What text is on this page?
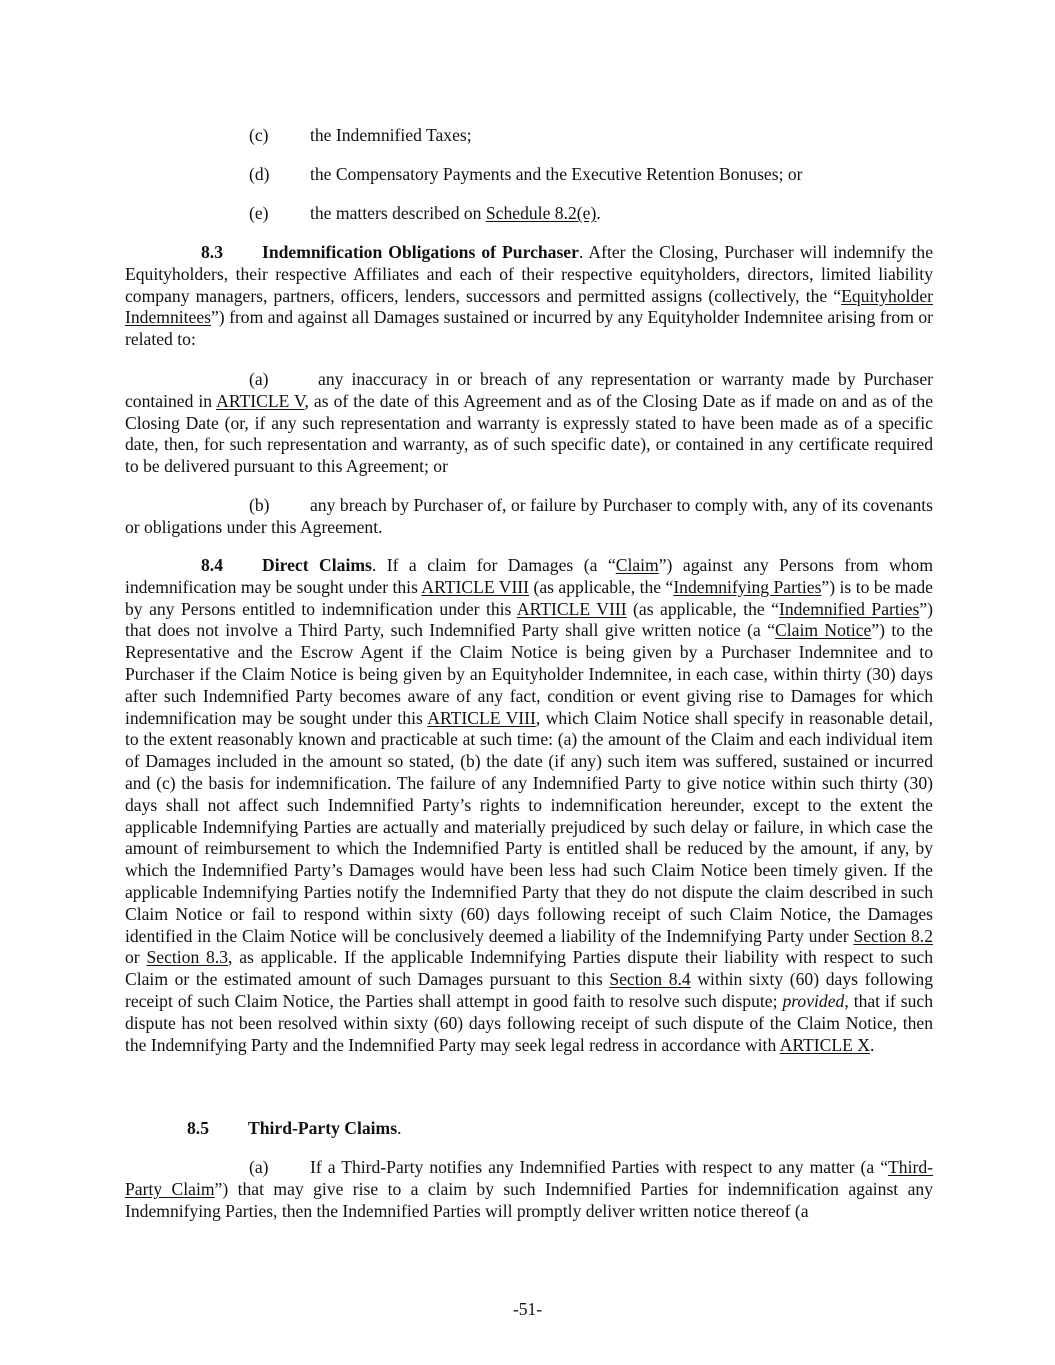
(c) the Indemnified Taxes;
(d) the Compensatory Payments and the Executive Retention Bonuses; or
(e) the matters described on Schedule 8.2(e).
8.3 Indemnification Obligations of Purchaser. After the Closing, Purchaser will indemnify the Equityholders, their respective Affiliates and each of their respective equityholders, directors, limited liability company managers, partners, officers, lenders, successors and permitted assigns (collectively, the “Equityholder Indemnitees”) from and against all Damages sustained or incurred by any Equityholder Indemnitee arising from or related to:
(a) any inaccuracy in or breach of any representation or warranty made by Purchaser contained in ARTICLE V, as of the date of this Agreement and as of the Closing Date as if made on and as of the Closing Date (or, if any such representation and warranty is expressly stated to have been made as of a specific date, then, for such representation and warranty, as of such specific date), or contained in any certificate required to be delivered pursuant to this Agreement; or
(b) any breach by Purchaser of, or failure by Purchaser to comply with, any of its covenants or obligations under this Agreement.
8.4 Direct Claims. If a claim for Damages (a “Claim”) against any Persons from whom indemnification may be sought under this ARTICLE VIII (as applicable, the “Indemnifying Parties”) is to be made by any Persons entitled to indemnification under this ARTICLE VIII (as applicable, the “Indemnified Parties”) that does not involve a Third Party, such Indemnified Party shall give written notice (a “Claim Notice”) to the Representative and the Escrow Agent if the Claim Notice is being given by a Purchaser Indemnitee and to Purchaser if the Claim Notice is being given by an Equityholder Indemnitee, in each case, within thirty (30) days after such Indemnified Party becomes aware of any fact, condition or event giving rise to Damages for which indemnification may be sought under this ARTICLE VIII, which Claim Notice shall specify in reasonable detail, to the extent reasonably known and practicable at such time: (a) the amount of the Claim and each individual item of Damages included in the amount so stated, (b) the date (if any) such item was suffered, sustained or incurred and (c) the basis for indemnification. The failure of any Indemnified Party to give notice within such thirty (30) days shall not affect such Indemnified Party’s rights to indemnification hereunder, except to the extent the applicable Indemnifying Parties are actually and materially prejudiced by such delay or failure, in which case the amount of reimbursement to which the Indemnified Party is entitled shall be reduced by the amount, if any, by which the Indemnified Party’s Damages would have been less had such Claim Notice been timely given. If the applicable Indemnifying Parties notify the Indemnified Party that they do not dispute the claim described in such Claim Notice or fail to respond within sixty (60) days following receipt of such Claim Notice, the Damages identified in the Claim Notice will be conclusively deemed a liability of the Indemnifying Party under Section 8.2 or Section 8.3, as applicable. If the applicable Indemnifying Parties dispute their liability with respect to such Claim or the estimated amount of such Damages pursuant to this Section 8.4 within sixty (60) days following receipt of such Claim Notice, the Parties shall attempt in good faith to resolve such dispute; provided, that if such dispute has not been resolved within sixty (60) days following receipt of such dispute of the Claim Notice, then the Indemnifying Party and the Indemnified Party may seek legal redress in accordance with ARTICLE X.
8.5 Third-Party Claims.
(a) If a Third-Party notifies any Indemnified Parties with respect to any matter (a “Third-Party Claim”) that may give rise to a claim by such Indemnified Parties for indemnification against any Indemnifying Parties, then the Indemnified Parties will promptly deliver written notice thereof (a
-51-
